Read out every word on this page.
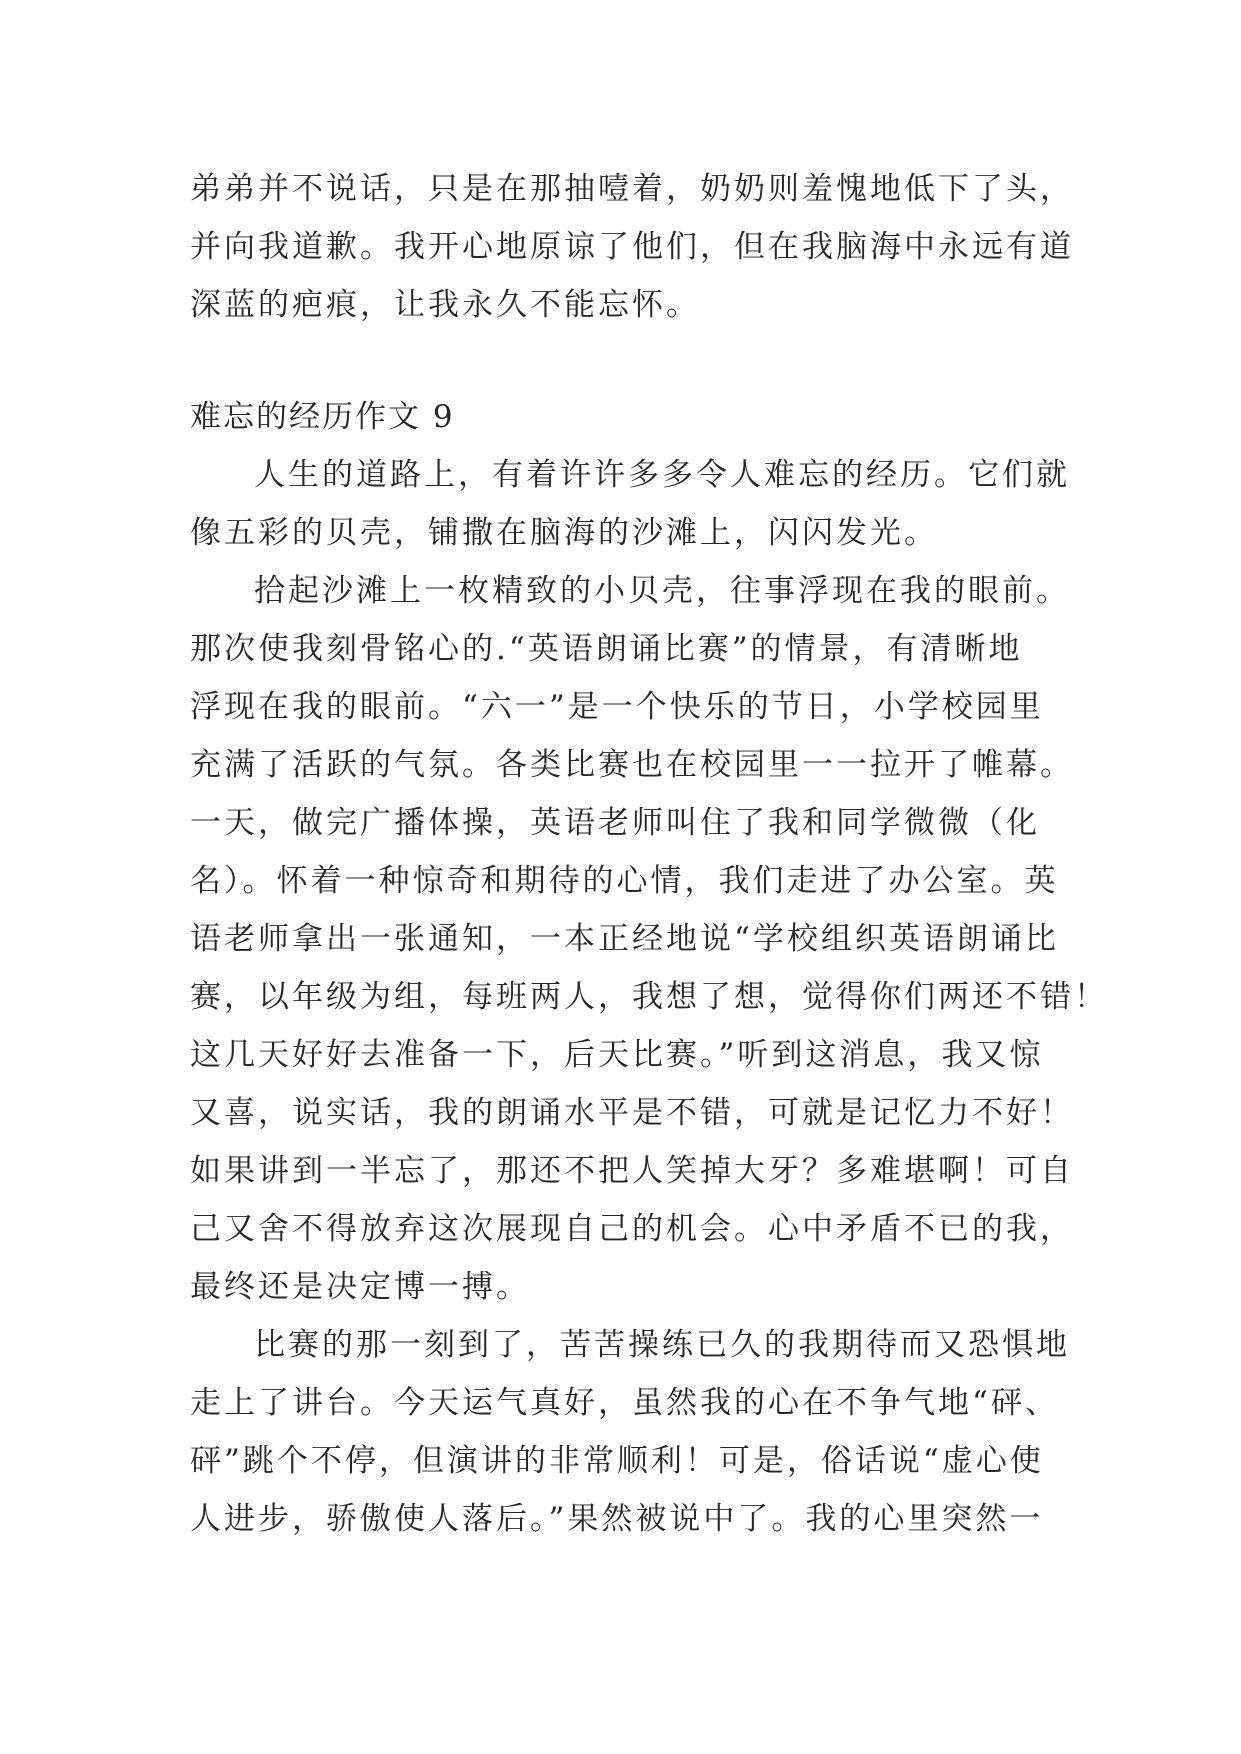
弟弟并不说话，只是在那抽噎着，奶奶则羞愧地低下了头，
并向我道歉。我开心地原谅了他们，但在我脑海中永远有道
深蓝的疤痕，让我永久不能忘怀。
难忘的经历作文 9
人生的道路上，有着许许多多令人难忘的经历。它们就
像五彩的贝壳，铺撒在脑海的沙滩上，闪闪发光。
拾起沙滩上一枚精致的小贝壳，往事浮现在我的眼前。
那次使我刻骨铭心的.“英语朗诵比赛”的情景，有清晰地
浮现在我的眼前。“六一”是一个快乐的节日，小学校园里
充满了活跃的气氛。各类比赛也在校园里一一拉开了帷幕。
一天，做完广播体操，英语老师叫住了我和同学微微（化
名）。怀着一种惊奇和期待的心情，我们走进了办公室。英
语老师拿出一张通知，一本正经地说“学校组织英语朗诵比
赛，以年级为组，每班两人，我想了想，觉得你们两还不错！
这几天好好去准备一下，后天比赛。”听到这消息，我又惊
又喜，说实话，我的朗诵水平是不错，可就是记忆力不好！
如果讲到一半忘了，那还不把人笑掉大牙？多难堪啊！可自
己又舍不得放弃这次展现自己的机会。心中矛盾不已的我，
最终还是决定博一搏。
比赛的那一刻到了，苦苦操练已久的我期待而又恐惧地
走上了讲台。今天运气真好，虽然我的心在不争气地“砰、
砰”跳个不停，但演讲的非常顺利！可是，俗话说“虚心使
人进步，骄傲使人落后。”果然被说中了。我的心里突然一
